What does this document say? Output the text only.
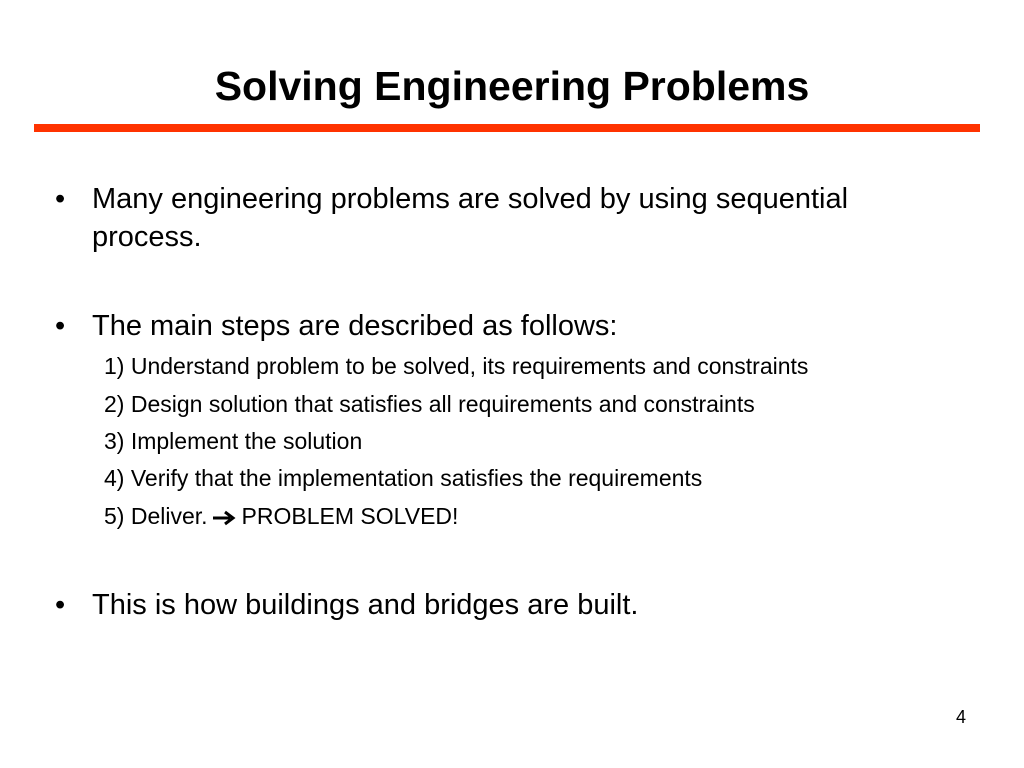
Solving Engineering Problems
• Many engineering problems are solved by using sequential
process.
• The main steps are described as follows:
1) Understand problem to be solved, its requirements and constraints
2) Design solution that satisfies all requirements and constraints
3) Implement the solution
4) Verify that the implementation satisfies the requirements
5) Deliver. PROBLEM SOLVED!
• This is how buildings and bridges are built.
4
